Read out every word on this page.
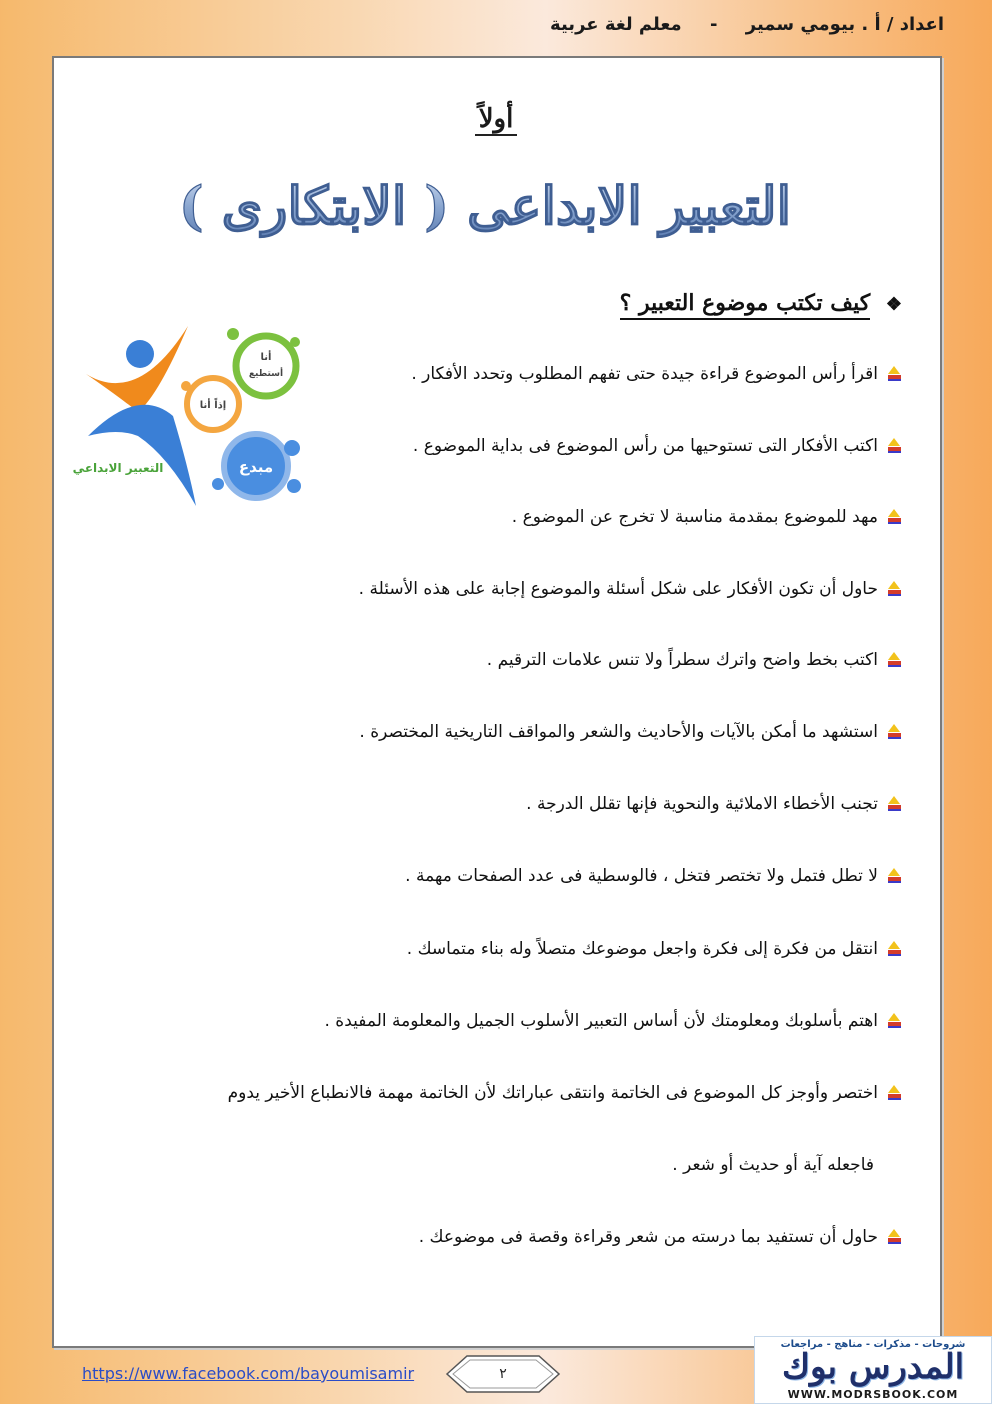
اعداد / أ . بيومي سمير - معلم لغة عربية
أولاً
التعبير الابداعى ( الابتكارى )
❖ كيف تكتب موضوع التعبير ؟
أنا
أستطيع
إذاً أنا
مبدع
التعبير الابداعي
اقرأ رأس الموضوع قراءة جيدة حتى تفهم المطلوب وتحدد الأفكار .
اكتب الأفكار التى تستوحيها من رأس الموضوع فى بداية الموضوع .
مهد للموضوع بمقدمة مناسبة لا تخرج عن الموضوع .
حاول أن تكون الأفكار على شكل أسئلة والموضوع إجابة على هذه الأسئلة .
اكتب بخط واضح واترك سطراً ولا تنس علامات الترقيم .
استشهد ما أمكن بالآيات والأحاديث والشعر والمواقف التاريخية المختصرة .
تجنب الأخطاء الاملائية والنحوية فإنها تقلل الدرجة .
لا تطل فتمل ولا تختصر فتخل ، فالوسطية فى عدد الصفحات مهمة .
انتقل من فكرة إلى فكرة واجعل موضوعك متصلاً وله بناء متماسك .
اهتم بأسلوبك ومعلومتك لأن أساس التعبير الأسلوب الجميل والمعلومة المفيدة .
اختصر وأوجز كل الموضوع فى الخاتمة وانتقى عباراتك لأن الخاتمة مهمة فالانطباع الأخير يدوم
فاجعله آية أو حديث أو شعر .
حاول أن تستفيد بما درسته من شعر وقراءة وقصة فى موضوعك .
https://www.facebook.com/bayoumisamir	٢
شروحات - مذكرات - مناهج - مراجعات
المدرس بوك
WWW.MODRSBOOK.COM
